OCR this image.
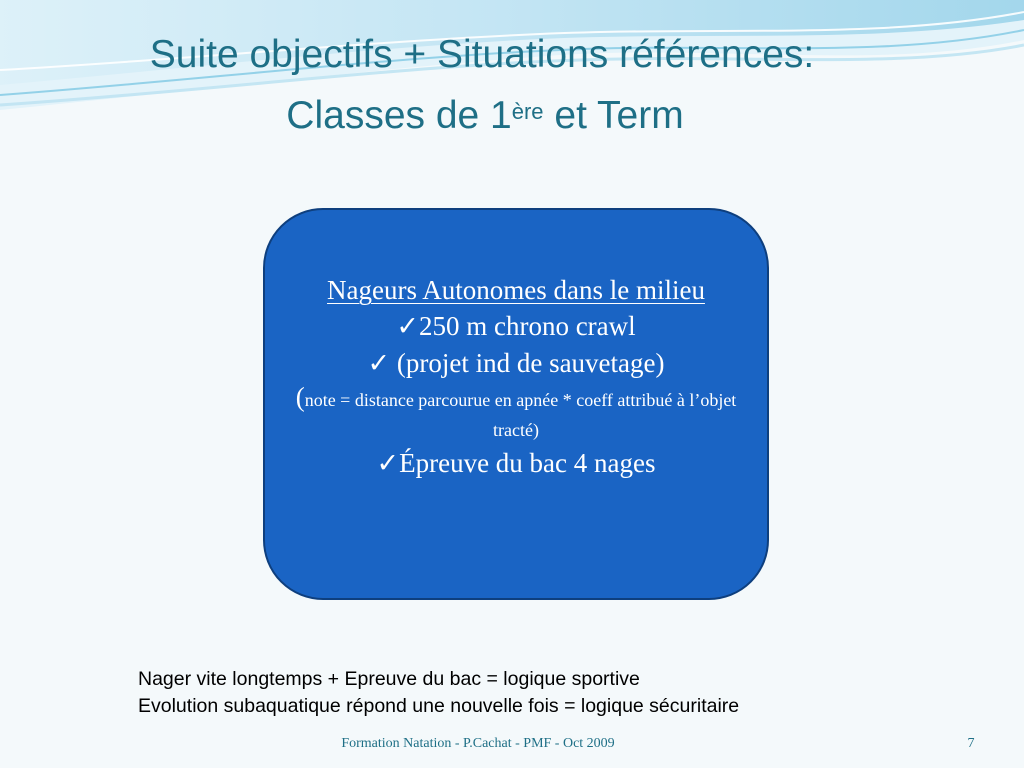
Suite objectifs + Situations références:
Classes de 1ère et Term
Nageurs Autonomes dans le milieu
✓250 m chrono crawl
✓ (projet ind de sauvetage)
(note = distance parcourue en apnée * coeff attribué à l’objet tracté)
✓Épreuve du bac 4 nages
Nager vite longtemps + Epreuve du bac = logique sportive
Evolution subaquatique répond une nouvelle fois = logique sécuritaire
Formation Natation - P.Cachat - PMF - Oct 2009	7
